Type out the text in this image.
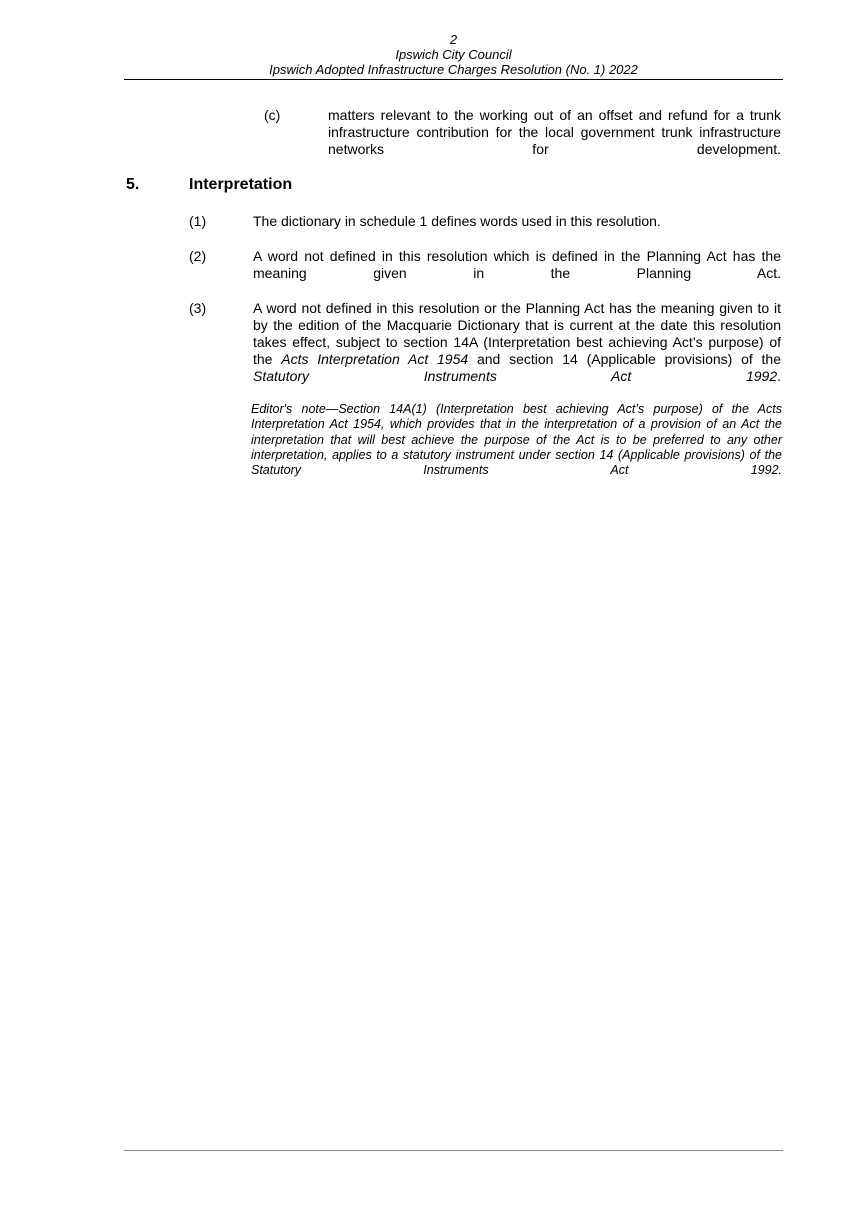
2
Ipswich City Council
Ipswich Adopted Infrastructure Charges Resolution (No. 1) 2022
(c)	matters relevant to the working out of an offset and refund for a trunk infrastructure contribution for the local government trunk infrastructure networks for development.
5.	Interpretation
(1)	The dictionary in schedule 1 defines words used in this resolution.
(2)	A word not defined in this resolution which is defined in the Planning Act has the meaning given in the Planning Act.
(3)	A word not defined in this resolution or the Planning Act has the meaning given to it by the edition of the Macquarie Dictionary that is current at the date this resolution takes effect, subject to section 14A (Interpretation best achieving Act’s purpose) of the Acts Interpretation Act 1954 and section 14 (Applicable provisions) of the Statutory Instruments Act 1992.
Editor's note—Section 14A(1) (Interpretation best achieving Act’s purpose) of the Acts Interpretation Act 1954, which provides that in the interpretation of a provision of an Act the interpretation that will best achieve the purpose of the Act is to be preferred to any other interpretation, applies to a statutory instrument under section 14 (Applicable provisions) of the Statutory Instruments Act 1992.
